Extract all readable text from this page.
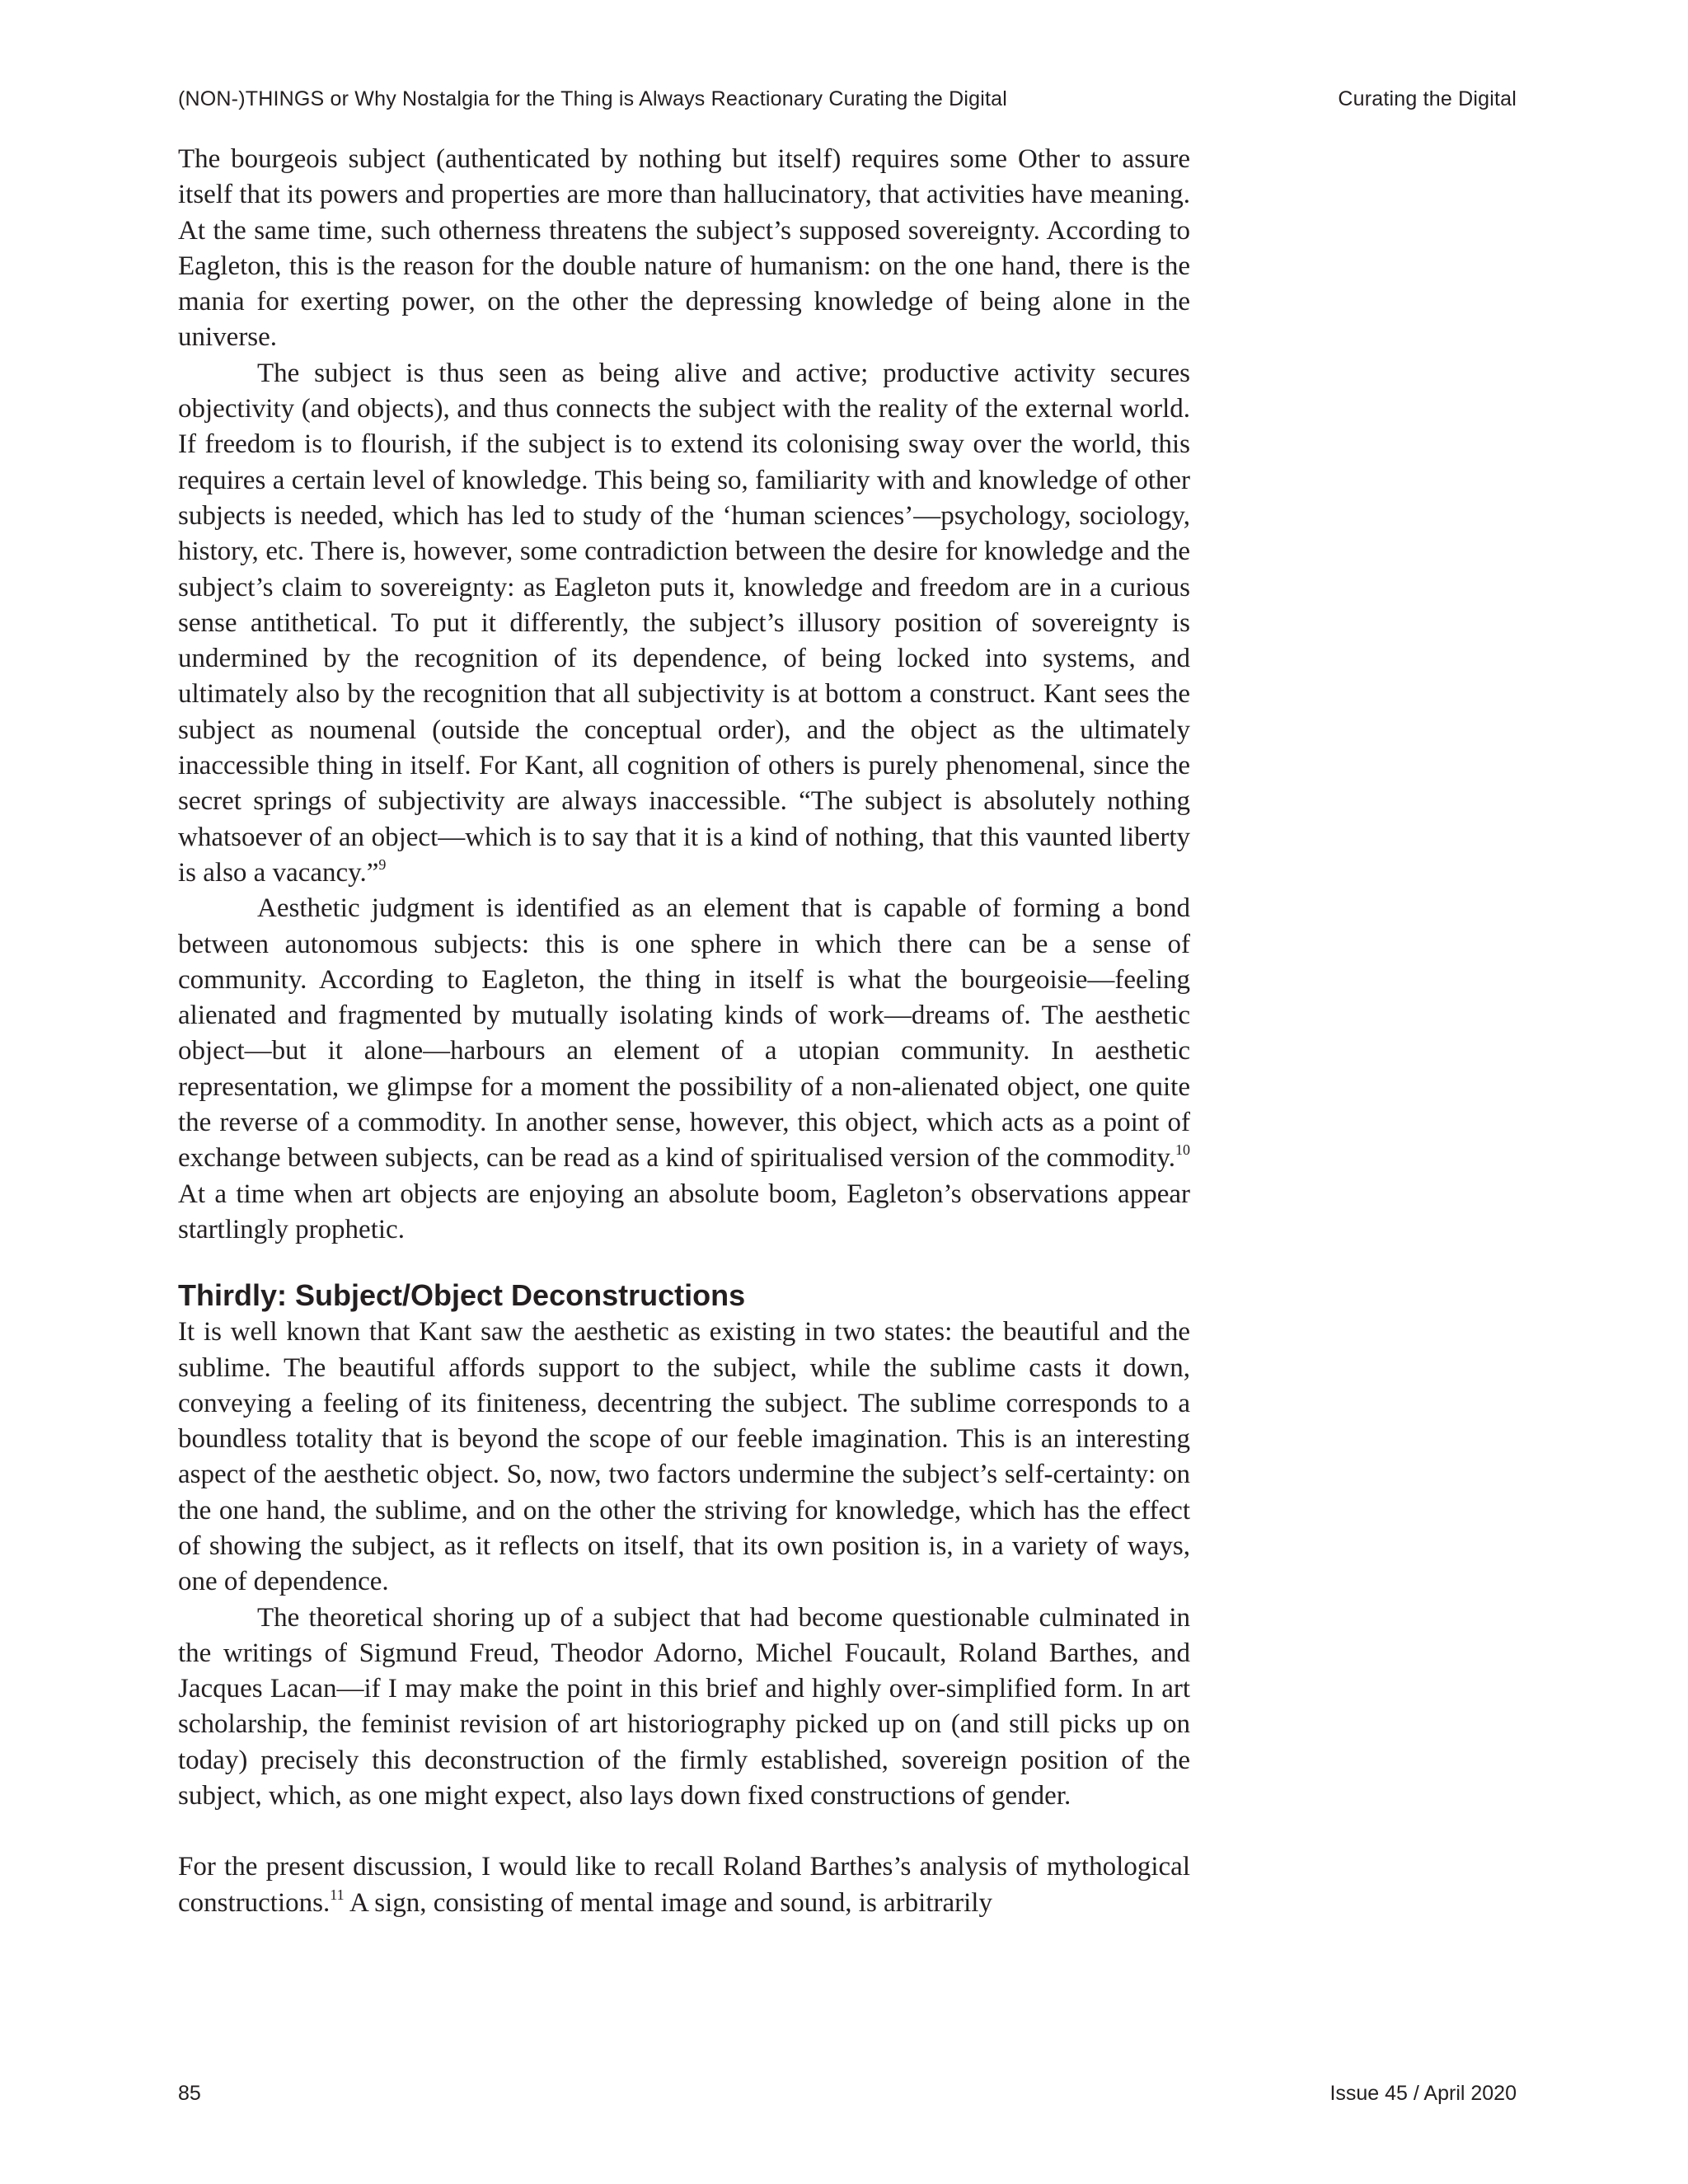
(NON-)THINGS or Why Nostalgia for the Thing is Always Reactionary Curating the Digital	Curating the Digital

The bourgeois subject (authenticated by nothing but itself) requires some Other to assure itself that its powers and properties are more than hallucinatory, that activities have meaning. At the same time, such otherness threatens the subject’s supposed sovereignty. According to Eagleton, this is the reason for the double nature of humanism: on the one hand, there is the mania for exerting power, on the other the depressing knowledge of being alone in the universe.

The subject is thus seen as being alive and active; productive activity secures objectivity (and objects), and thus connects the subject with the reality of the external world. If freedom is to flourish, if the subject is to extend its colonising sway over the world, this requires a certain level of knowledge. This being so, familiarity with and knowledge of other subjects is needed, which has led to study of the ‘human sciences’—psychology, sociology, history, etc. There is, however, some contradiction between the desire for knowledge and the subject’s claim to sovereignty: as Eagleton puts it, knowledge and freedom are in a curious sense antithetical. To put it differently, the subject’s illusory position of sovereignty is undermined by the recognition of its dependence, of being locked into systems, and ultimately also by the recognition that all subjectivity is at bottom a construct. Kant sees the subject as noumenal (outside the conceptual order), and the object as the ultimately inaccessible thing in itself. For Kant, all cognition of others is purely phenomenal, since the secret springs of subjectivity are always inaccessible. “The subject is absolutely nothing whatsoever of an object—which is to say that it is a kind of nothing, that this vaunted liberty is also a vacancy.”$^9$

Aesthetic judgment is identified as an element that is capable of forming a bond between autonomous subjects: this is one sphere in which there can be a sense of community. According to Eagleton, the thing in itself is what the bourgeoisie—feeling alienated and fragmented by mutually isolating kinds of work—dreams of. The aesthetic object—but it alone—harbours an element of a utopian community. In aesthetic representation, we glimpse for a moment the possibility of a non-alienated object, one quite the reverse of a commodity. In another sense, however, this object, which acts as a point of exchange between subjects, can be read as a kind of spiritualised version of the commodity.$^{10}$ At a time when art objects are enjoying an absolute boom, Eagleton’s observations appear startlingly prophetic.

Thirdly: Subject/Object Deconstructions

It is well known that Kant saw the aesthetic as existing in two states: the beautiful and the sublime. The beautiful affords support to the subject, while the sublime casts it down, conveying a feeling of its finiteness, decentring the subject. The sublime corresponds to a boundless totality that is beyond the scope of our feeble imagination. This is an interesting aspect of the aesthetic object. So, now, two factors undermine the subject’s self-certainty: on the one hand, the sublime, and on the other the striving for knowledge, which has the effect of showing the subject, as it reflects on itself, that its own position is, in a variety of ways, one of dependence.

The theoretical shoring up of a subject that had become questionable culminated in the writings of Sigmund Freud, Theodor Adorno, Michel Foucault, Roland Barthes, and Jacques Lacan—if I may make the point in this brief and highly over-simplified form. In art scholarship, the feminist revision of art historiography picked up on (and still picks up on today) precisely this deconstruction of the firmly established, sovereign position of the subject, which, as one might expect, also lays down fixed constructions of gender.

For the present discussion, I would like to recall Roland Barthes’s analysis of mythological constructions.$^{11}$ A sign, consisting of mental image and sound, is arbitrarily

85	Issue 45 / April 2020
